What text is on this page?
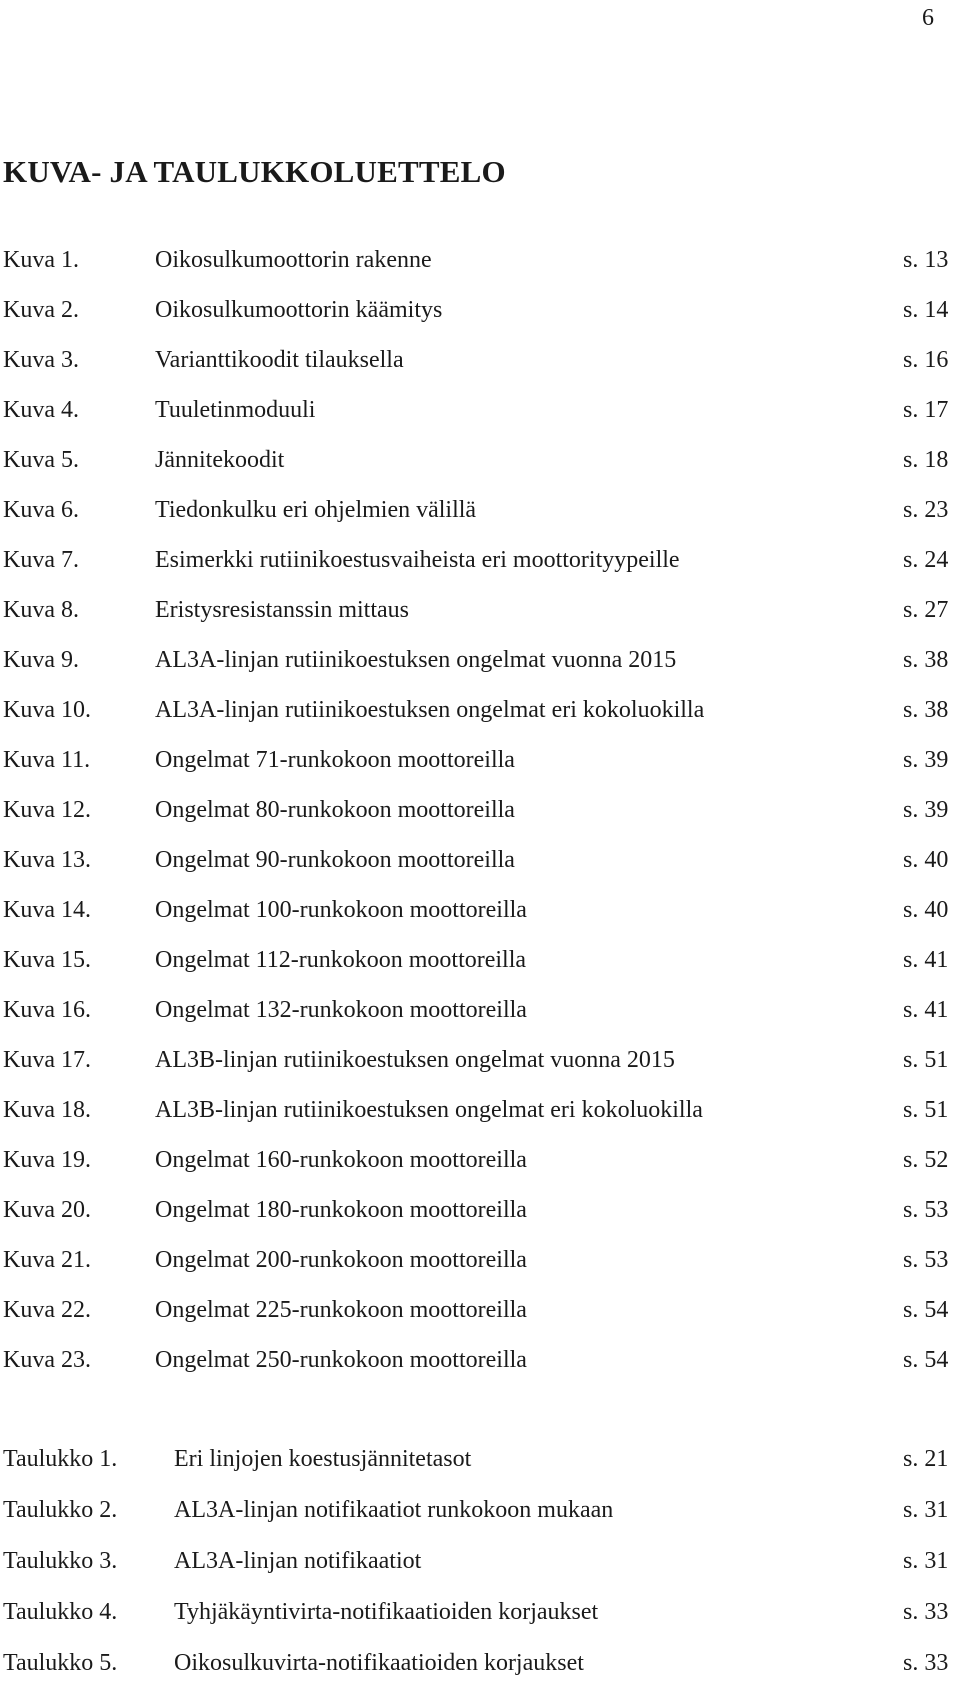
6
KUVA- JA TAULUKKOLUETTELO
Kuva 1.	Oikosulkumoottorin rakenne	s. 13
Kuva 2.	Oikosulkumoottorin käämitys	s. 14
Kuva 3.	Varianttikoodit tilauksella	s. 16
Kuva 4.	Tuuletinmoduuli	s. 17
Kuva 5.	Jännitekoodit	s. 18
Kuva 6.	Tiedonkulku eri ohjelmien välillä	s. 23
Kuva 7.	Esimerkki rutiinikoestusvaiheista eri moottorityypeille	s. 24
Kuva 8.	Eristysresistanssin mittaus	s. 27
Kuva 9.	AL3A-linjan rutiinikoestuksen ongelmat vuonna 2015	s. 38
Kuva 10.	AL3A-linjan rutiinikoestuksen ongelmat eri kokoluokilla	s. 38
Kuva 11.	Ongelmat 71-runkokoon moottoreilla	s. 39
Kuva 12.	Ongelmat 80-runkokoon moottoreilla	s. 39
Kuva 13.	Ongelmat 90-runkokoon moottoreilla	s. 40
Kuva 14.	Ongelmat 100-runkokoon moottoreilla	s. 40
Kuva 15.	Ongelmat 112-runkokoon moottoreilla	s. 41
Kuva 16.	Ongelmat 132-runkokoon moottoreilla	s. 41
Kuva 17.	AL3B-linjan rutiinikoestuksen ongelmat vuonna 2015	s. 51
Kuva 18.	AL3B-linjan rutiinikoestuksen ongelmat eri kokoluokilla	s. 51
Kuva 19.	Ongelmat 160-runkokoon moottoreilla	s. 52
Kuva 20.	Ongelmat 180-runkokoon moottoreilla	s. 53
Kuva 21.	Ongelmat 200-runkokoon moottoreilla	s. 53
Kuva 22.	Ongelmat 225-runkokoon moottoreilla	s. 54
Kuva 23.	Ongelmat 250-runkokoon moottoreilla	s. 54
Taulukko 1. Eri linjojen koestusjännitetasot	s. 21
Taulukko 2. AL3A-linjan notifikaatiot runkokoon mukaan	s. 31
Taulukko 3. AL3A-linjan notifikaatiot	s. 31
Taulukko 4. Tyhjäkäyntivirta-notifikaatioiden korjaukset	s. 33
Taulukko 5. Oikosulkuvirta-notifikaatioiden korjaukset	s. 33
